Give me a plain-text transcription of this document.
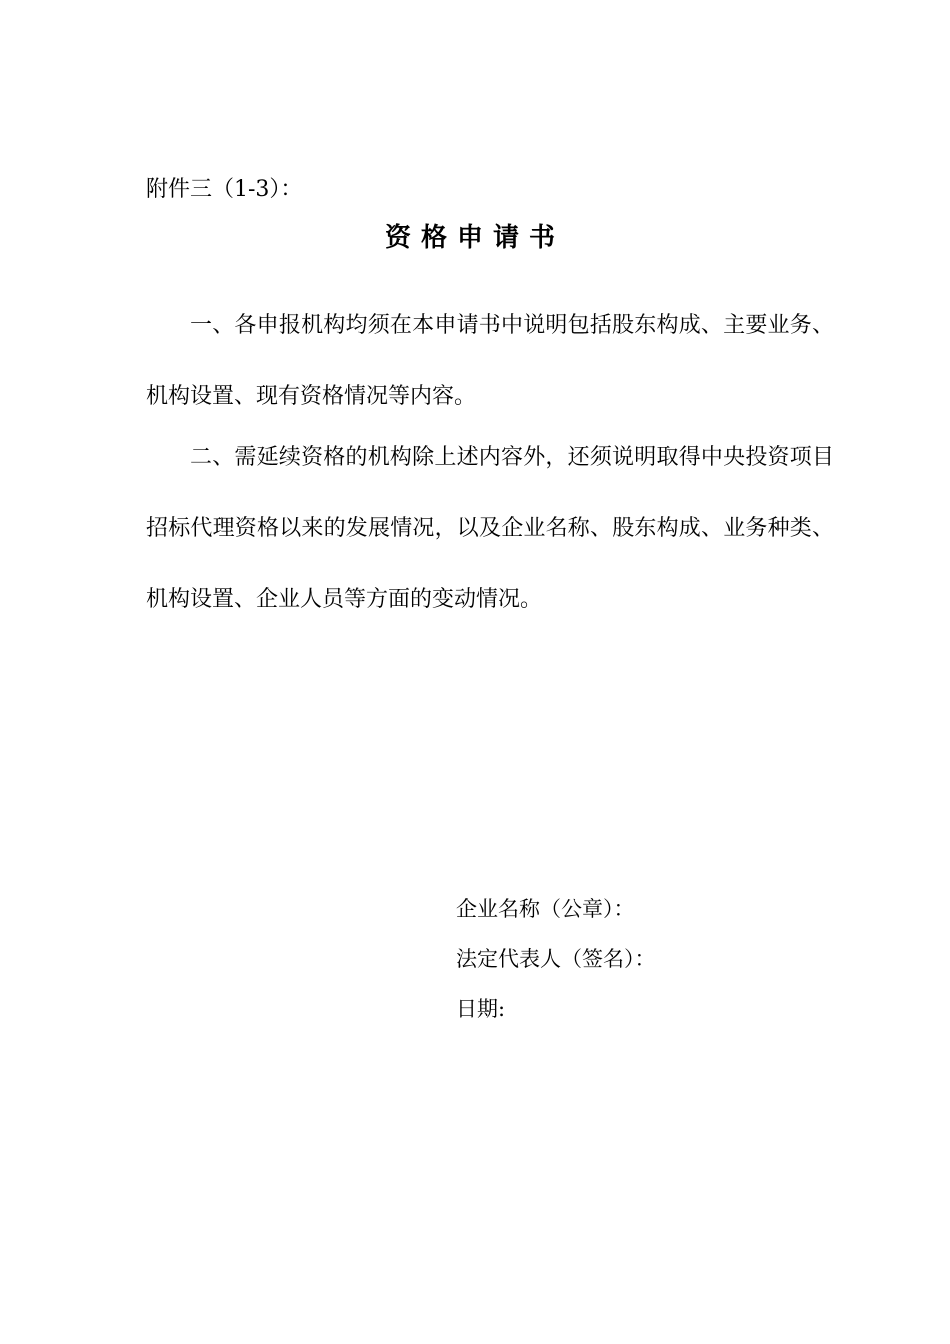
附件三（1-3）：
资格申请书

一、各申报机构均须在本申请书中说明包括股东构成、主要业务、机构设置、现有资格情况等内容。

二、需延续资格的机构除上述内容外，还须说明取得中央投资项目招标代理资格以来的发展情况，以及企业名称、股东构成、业务种类、机构设置、企业人员等方面的变动情况。

企业名称（公章）：
法定代表人（签名）：
日期:
